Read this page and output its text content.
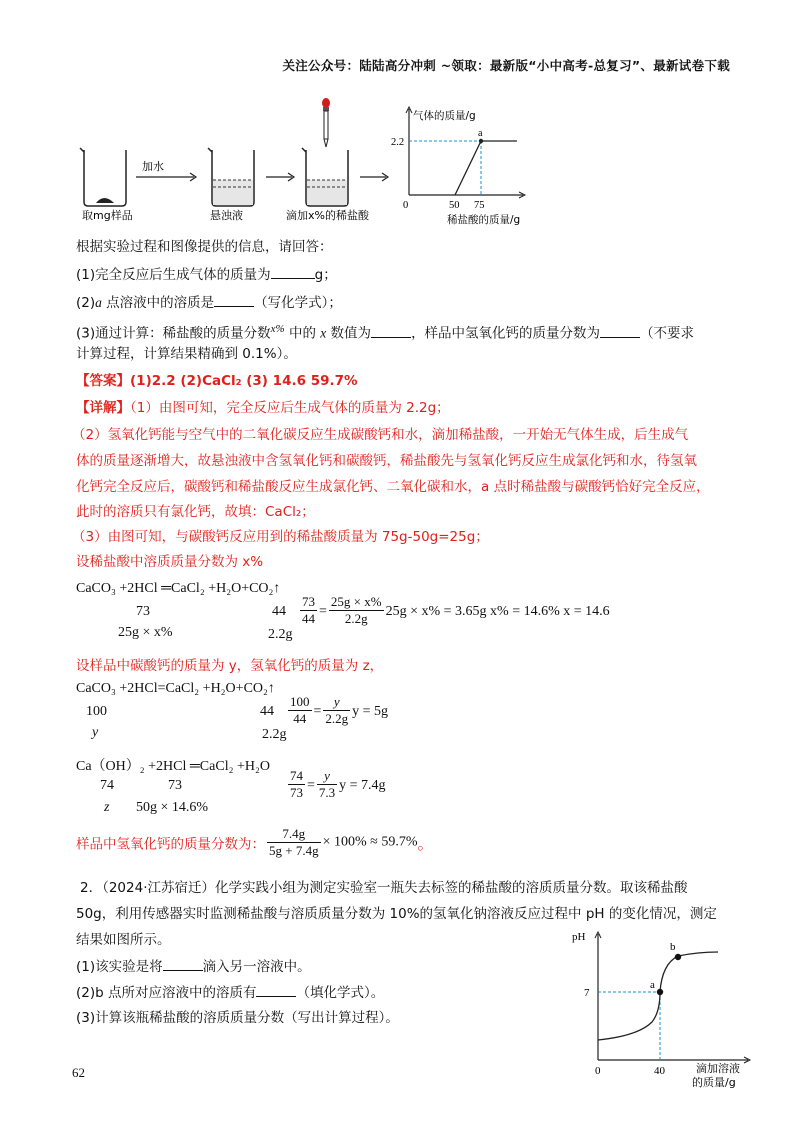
关注公众号：陆陆高分冲刺 ~领取：最新版“小中高考-总复习”、最新试卷下载
取mg样品
加水
悬浊液	滴加x%的稀盐酸
气体的质量/g
2.2
a
0	50 75
稀盐酸的质量/g
根据实验过程和图像提供的信息，请回答：
(1)完全反应后生成气体的质量为	g；
(2)a 点溶液中的溶质是	（写化学式）；
(3)通过计算：稀盐酸的质量分数$^{x\%}$ 中的 x 数值为	，样品中氢氧化钙的质量分数为	（不要求
计算过程，计算结果精确到 0.1%）。
【答案】(1)2.2 (2)CaCl₂ (3) 14.6 59.7%
【详解】（1）由图可知，完全反应后生成气体的质量为 2.2g；
（2）氢氧化钙能与空气中的二氧化碳反应生成碳酸钙和水，滴加稀盐酸，一开始无气体生成，后生成气
体的质量逐渐增大，故悬浊液中含氢氧化钙和碳酸钙，稀盐酸先与氢氧化钙反应生成氯化钙和水，待氢氧
化钙完全反应后，碳酸钙和稀盐酸反应生成氯化钙、二氧化碳和水，a 点时稀盐酸与碳酸钙恰好完全反应，
此时的溶质只有氯化钙，故填：CaCl₂；
（3）由图可知，与碳酸钙反应用到的稀盐酸质量为 75g-50g=25g；
设稀盐酸中溶质质量分数为 x%
CaCO₃ +2HCl ═CaCl₂ +H₂O+CO₂↑
73	44
25g × x%	2.2g
$\frac{73}{44} = \frac{25g \times x\%}{2.2g} 25g \times x\% = 3.65g$ x% = 14.6% x = 14.6
设样品中碳酸钙的质量为 y，氢氧化钙的质量为 z，
CaCO₃ +2HCl=CaCl₂ +H₂O+CO₂↑
100	44
y	2.2g
$\frac{100}{44} = \frac{y}{2.2g}$ y = 5g
Ca（OH）₂ +2HCl ═CaCl₂ +H₂O
74	73
z 50g × 14.6%
$\frac{74}{73} = \frac{y}{7.3}$ y = 7.4g
样品中氢氧化钙的质量分数为： $\frac{7.4g}{5g + 7.4g} \times 100\% \approx 59.7\%$。
2．（2024·江苏宿迁）化学实践小组为测定实验室一瓶失去标签的稀盐酸的溶质质量分数。取该稀盐酸
50g，利用传感器实时监测稀盐酸与溶质质量分数为 10%的氢氧化钠溶液反应过程中 pH 的变化情况，测定
结果如图所示。
(1)该实验是将	滴入另一溶液中。
(2)b 点所对应溶液中的溶质有	（填化学式）。
(3)计算该瓶稀盐酸的溶质质量分数（写出计算过程）。
pH
7
a
b
0	40	滴加溶液
的质量/g
62
